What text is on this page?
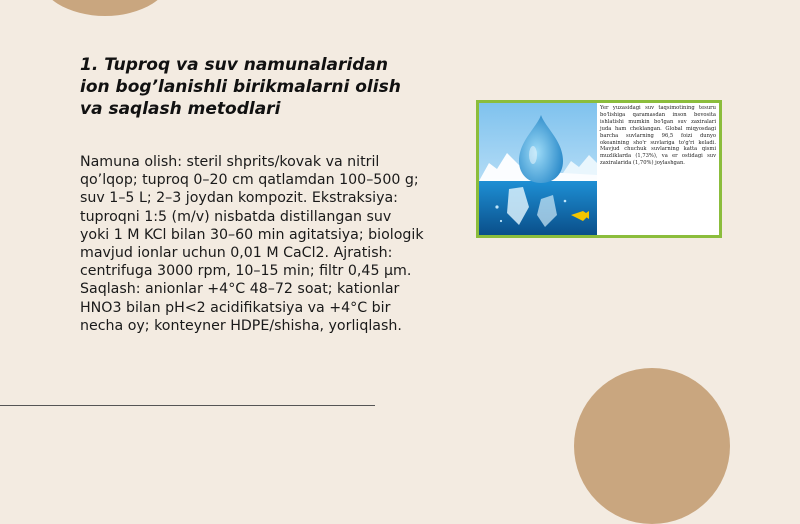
1. Tuproq va suv namunalaridan ion bog’lanishli birikmalarni olish va saqlash metodlari

Namuna olish: steril shprits/kovak va nitril qo’lqop; tuproq 0–20 cm qatlamdan 100–500 g; suv 1–5 L; 2–3 joydan kompozit. Ekstraksiya: tuproqni 1:5 (m/v) nisbatda distillangan suv yoki 1 M KCl bilan 30–60 min agitatsiya; biologik mavjud ionlar uchun 0,01 M CaCl2. Ajratish: centrifuga 3000 rpm, 10–15 min; filtr 0,45 µm. Saqlash: anionlar +4°C 48–72 soat; kationlar HNO3 bilan pH<2 acidifikatsiya va +4°C bir necha oy; konteyner HDPE/shisha, yorliqlash.

Yer yuzasidagi suv taqsimotining tesuru bo'lishiga qaramasdan inson bevosita ishlatishi mumkin bo'lgan suv zaxiralari juda ham cheklangan. Global miqyosdagi barcha suvlarning 96,5 foizi dunyo okeanining sho'r suvlariga to'g'ri keladi. Mavjud chuchuk suvlarning katta qismi muzliklarda (1,73%), va er ostidagi suv zaxiralarida (1,70%) joylashgan.
